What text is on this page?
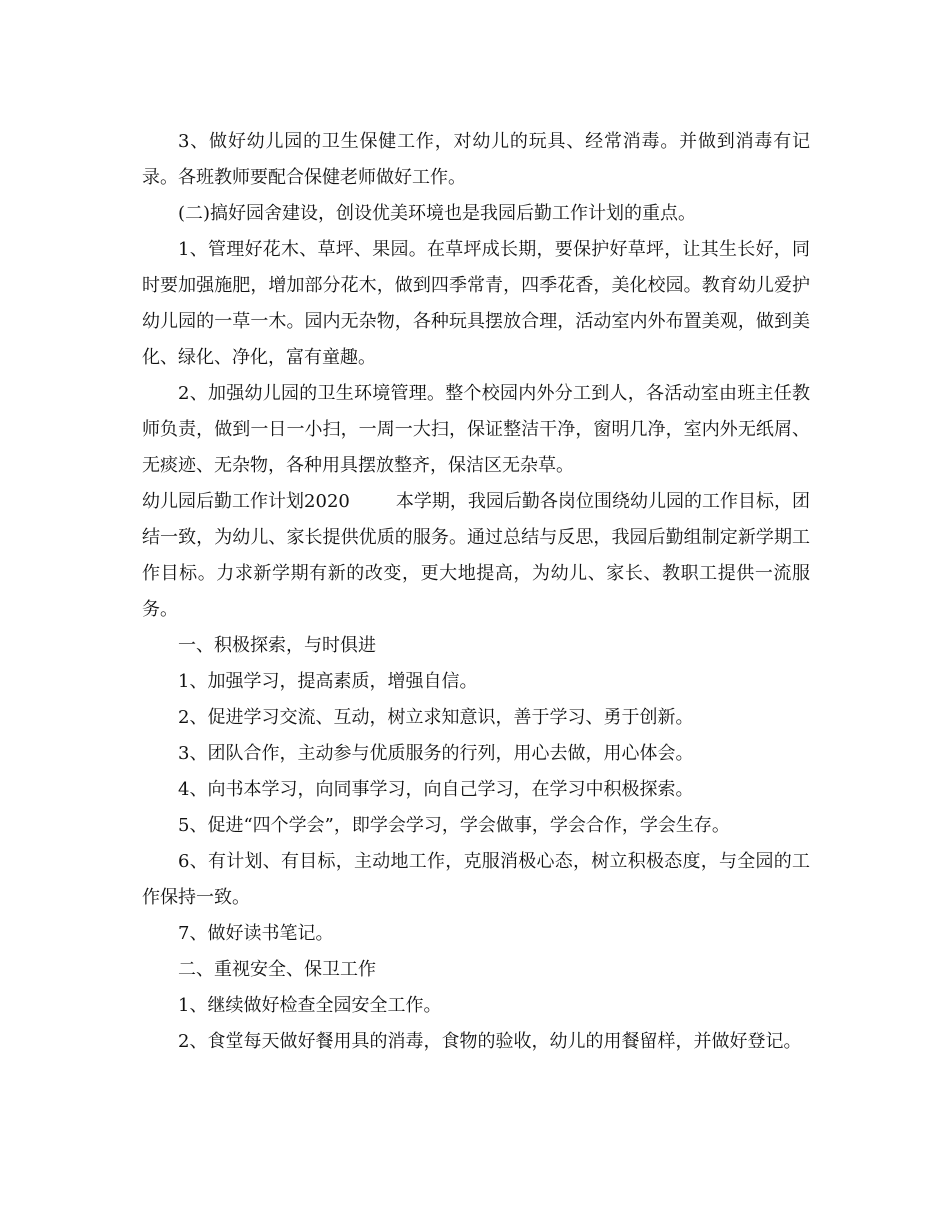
3、做好幼儿园的卫生保健工作，对幼儿的玩具、经常消毒。并做到消毒有记录。各班教师要配合保健老师做好工作。

(二)搞好园舍建设，创设优美环境也是我园后勤工作计划的重点。

1、管理好花木、草坪、果园。在草坪成长期，要保护好草坪，让其生长好，同时要加强施肥，增加部分花木，做到四季常青，四季花香，美化校园。教育幼儿爱护幼儿园的一草一木。园内无杂物，各种玩具摆放合理，活动室内外布置美观，做到美化、绿化、净化，富有童趣。

2、加强幼儿园的卫生环境管理。整个校园内外分工到人，各活动室由班主任教师负责，做到一日一小扫，一周一大扫，保证整洁干净，窗明几净，室内外无纸屑、无痰迹、无杂物，各种用具摆放整齐，保洁区无杂草。

幼儿园后勤工作计划2020	本学期，我园后勤各岗位围绕幼儿园的工作目标，团结一致，为幼儿、家长提供优质的服务。通过总结与反思，我园后勤组制定新学期工作目标。力求新学期有新的改变，更大地提高，为幼儿、家长、教职工提供一流服务。

一、积极探索，与时俱进

1、加强学习，提高素质，增强自信。

2、促进学习交流、互动，树立求知意识，善于学习、勇于创新。

3、团队合作，主动参与优质服务的行列，用心去做，用心体会。

4、向书本学习，向同事学习，向自己学习，在学习中积极探索。

5、促进“四个学会”，即学会学习，学会做事，学会合作，学会生存。

6、有计划、有目标，主动地工作，克服消极心态，树立积极态度，与全园的工作保持一致。

7、做好读书笔记。

二、重视安全、保卫工作

1、继续做好检查全园安全工作。

2、食堂每天做好餐用具的消毒，食物的验收，幼儿的用餐留样，并做好登记。
